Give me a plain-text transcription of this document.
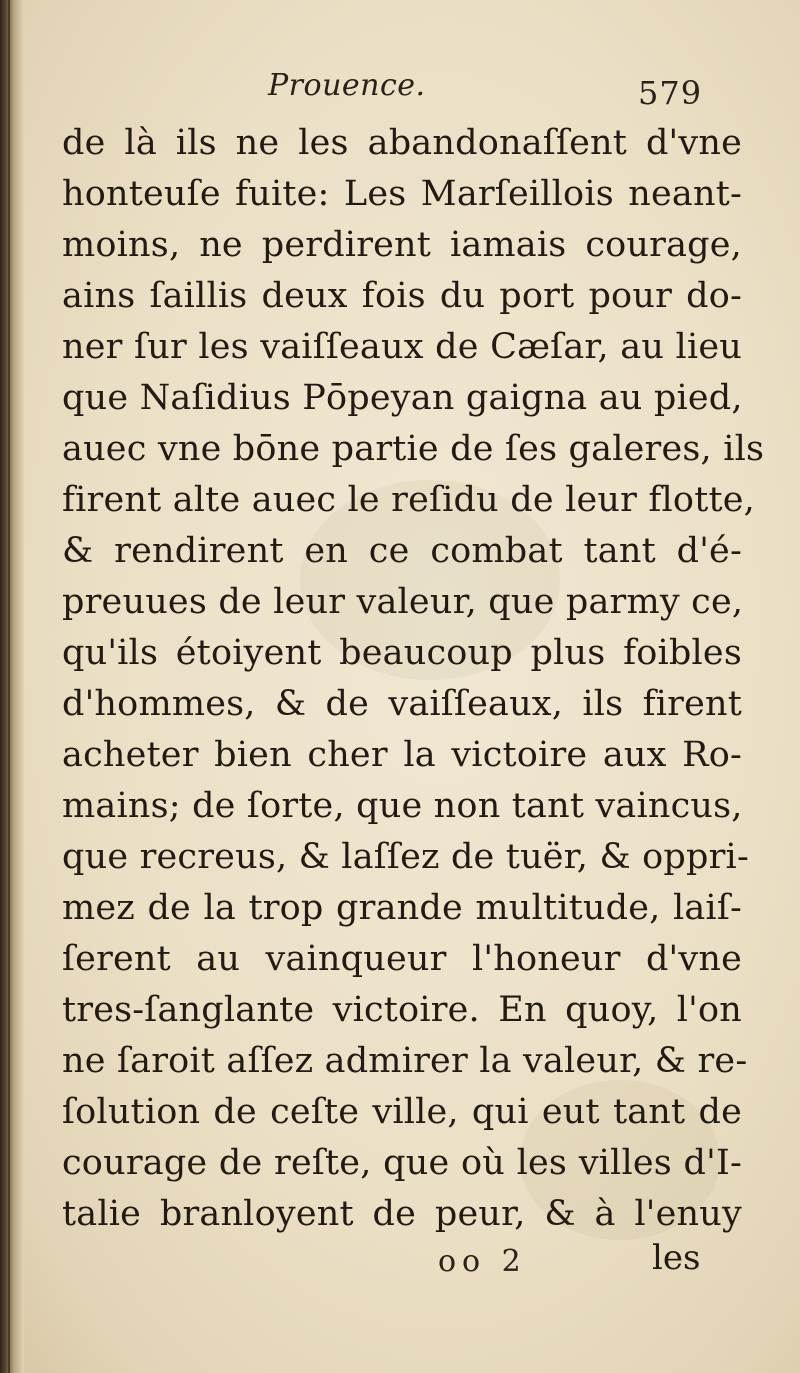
Prouence.	579
de là ils ne les abandonaſſent d'vne
honteuſe fuite: Les Marſeillois neant-
moins, ne perdirent iamais courage,
ains ſaillis deux fois du port pour do-
ner ſur les vaiſſeaux de Cæſar, au lieu
que Naſidius Pōpeyan gaigna au pied,
auec vne bōne partie de ſes galeres, ils
firent alte auec le reſidu de leur flotte,
& rendirent en ce combat tant d'é-
preuues de leur valeur, que parmy ce,
qu'ils étoiyent beaucoup plus foibles
d'hommes, & de vaiſſeaux, ils firent
acheter bien cher la victoire aux Ro-
mains; de ſorte, que non tant vaincus,
que recreus, & laſſez de tuër, & oppri-
mez de la trop grande multitude, laiſ-
ſerent au vainqueur l'honeur d'vne
tres-ſanglante victoire. En quoy, l'on
ne ſaroit aſſez admirer la valeur, & re-
ſolution de ceſte ville, qui eut tant de
courage de reſte, que où les villes d'I-
talie branloyent de peur, & à l'enuy
oo 2	les
